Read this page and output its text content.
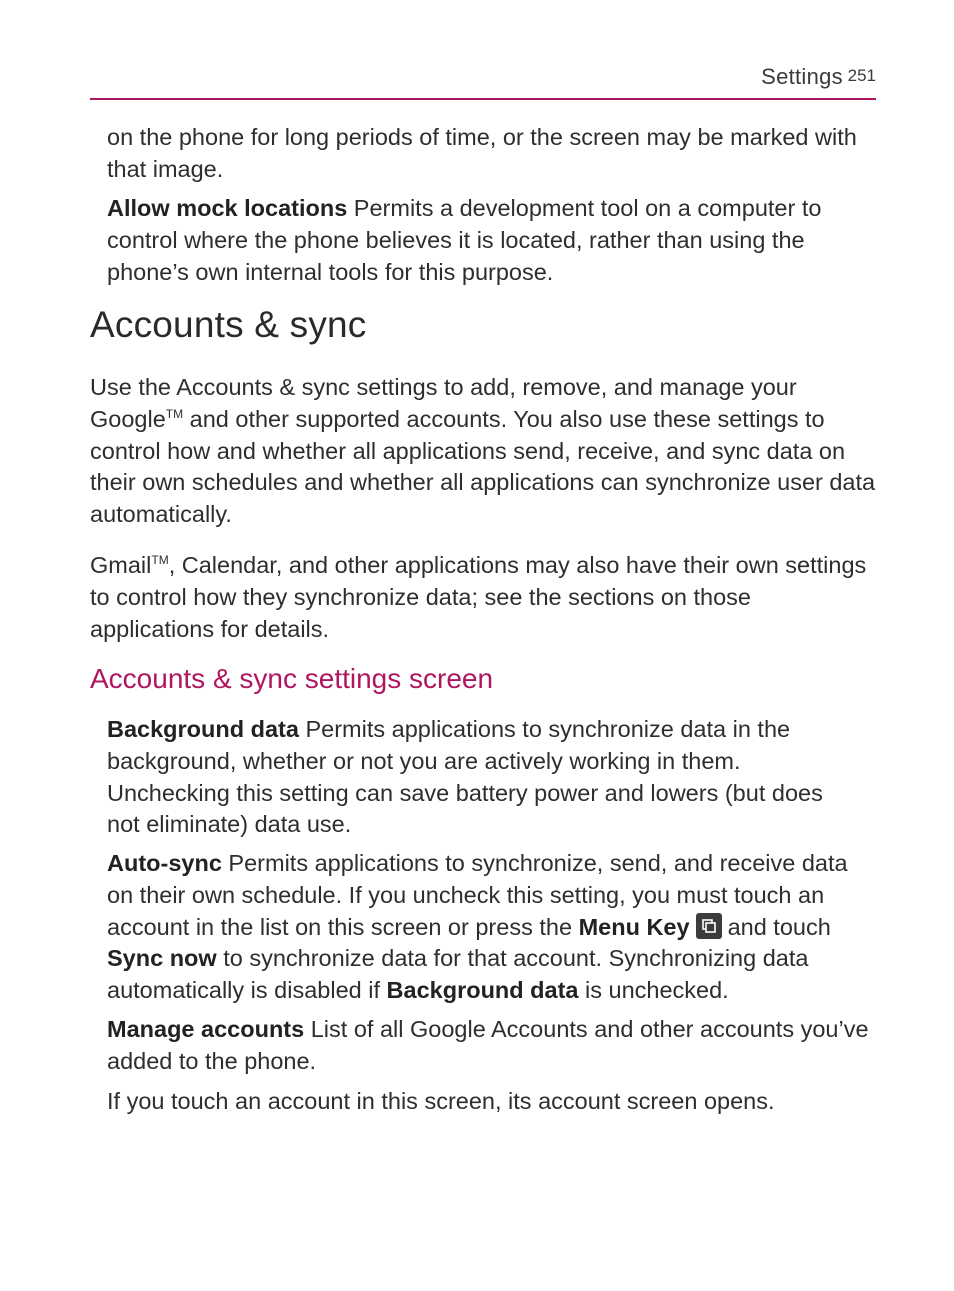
Settings 251

on the phone for long periods of time, or the screen may be marked with that image.

Allow mock locations Permits a development tool on a computer to control where the phone believes it is located, rather than using the phone’s own internal tools for this purpose.

Accounts & sync

Use the Accounts & sync settings to add, remove, and manage your Google™ and other supported accounts. You also use these settings to control how and whether all applications send, receive, and sync data on their own schedules and whether all applications can synchronize user data automatically.

Gmail™, Calendar, and other applications may also have their own settings to control how they synchronize data; see the sections on those applications for details.

Accounts & sync settings screen

Background data Permits applications to synchronize data in the background, whether or not you are actively working in them. Unchecking this setting can save battery power and lowers (but does not eliminate) data use.

Auto-sync Permits applications to synchronize, send, and receive data on their own schedule. If you uncheck this setting, you must touch an account in the list on this screen or press the Menu Key and touch Sync now to synchronize data for that account. Synchronizing data automatically is disabled if Background data is unchecked.

Manage accounts List of all Google Accounts and other accounts you’ve added to the phone.

If you touch an account in this screen, its account screen opens.
